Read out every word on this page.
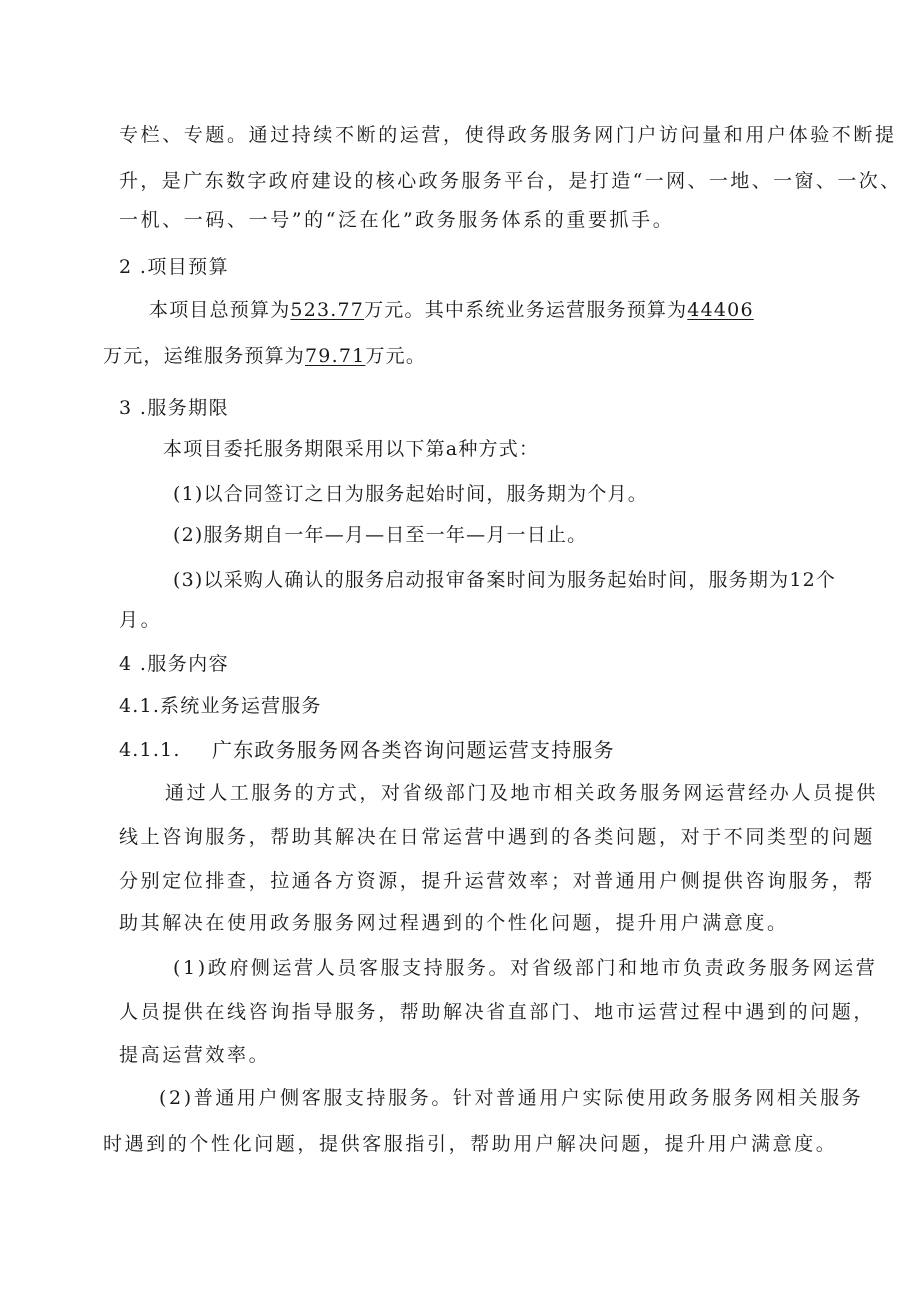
专栏、专题。通过持续不断的运营，使得政务服务网门户访问量和用户体验不断提
升，是广东数字政府建设的核心政务服务平台，是打造“一网、一地、一窗、一次、
一机、一码、一号”的“泛在化”政务服务体系的重要抓手。
2 .项目预算
本项目总预算为523.77万元。其中系统业务运营服务预算为44406
万元，运维服务预算为79.71万元。
3 .服务期限
本项目委托服务期限采用以下第a种方式：
(1)以合同签订之日为服务起始时间，服务期为个月。
(2)服务期自一年—月—日至一年—月一日止。
(3)以采购人确认的服务启动报审备案时间为服务起始时间，服务期为12个
月。
4 .服务内容
4.1.系统业务运营服务
4.1.1. 广东政务服务网各类咨询问题运营支持服务
通过人工服务的方式，对省级部门及地市相关政务服务网运营经办人员提供
线上咨询服务，帮助其解决在日常运营中遇到的各类问题，对于不同类型的问题
分别定位排查，拉通各方资源，提升运营效率；对普通用户侧提供咨询服务，帮
助其解决在使用政务服务网过程遇到的个性化问题，提升用户满意度。
(1)政府侧运营人员客服支持服务。对省级部门和地市负责政务服务网运营
人员提供在线咨询指导服务，帮助解决省直部门、地市运营过程中遇到的问题，
提高运营效率。
(2)普通用户侧客服支持服务。针对普通用户实际使用政务服务网相关服务
时遇到的个性化问题，提供客服指引，帮助用户解决问题，提升用户满意度。
